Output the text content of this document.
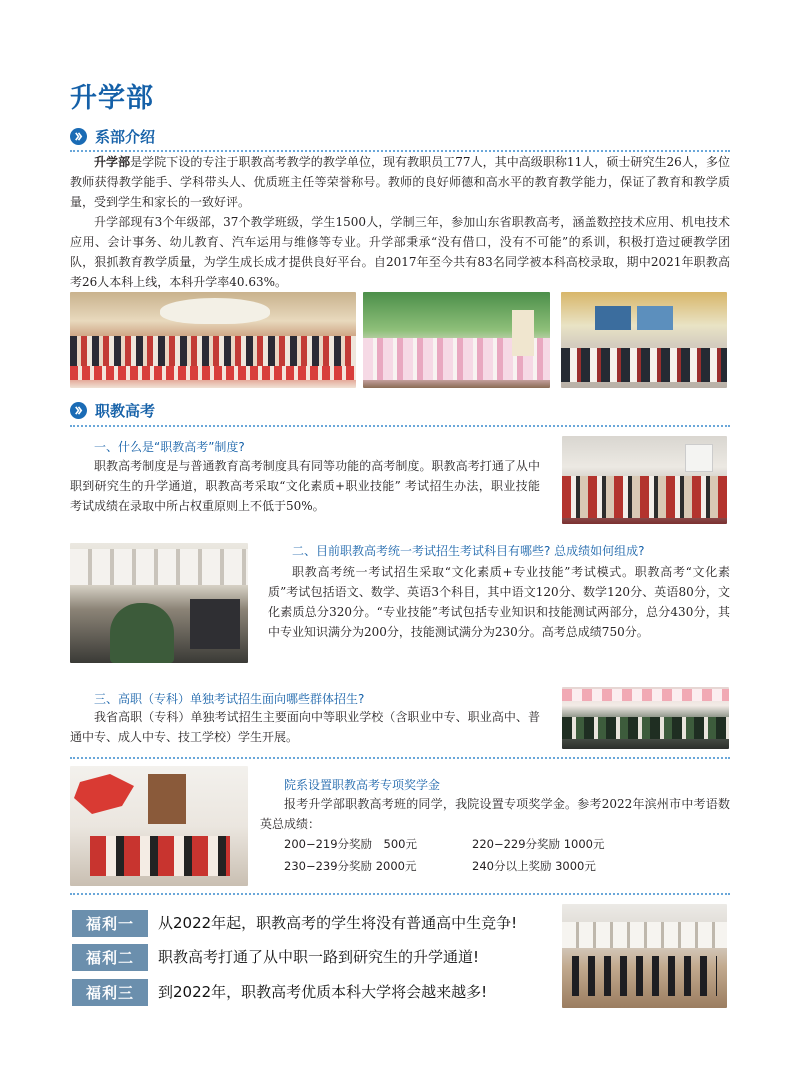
升学部
系部介绍

升学部是学院下设的专注于职教高考教学的教学单位，现有教职员工77人，其中高级职称11人，硕士研究生26人，多位教师获得教学能手、学科带头人、优质班主任等荣誉称号。教师的良好师德和高水平的教育教学能力，保证了教育和教学质量，受到学生和家长的一致好评。

升学部现有3个年级部，37个教学班级，学生1500人，学制三年，参加山东省职教高考，涵盖数控技术应用、机电技术应用、会计事务、幼儿教育、汽车运用与维修等专业。升学部秉承“没有借口，没有不可能”的系训，积极打造过硬教学团队，狠抓教育教学质量，为学生成长成才提供良好平台。自2017年至今共有83名同学被本科高校录取，期中2021年职教高考26人本科上线，本科升学率40.63%。

职教高考
一、什么是“职教高考”制度?

职教高考制度是与普通教育高考制度具有同等功能的高考制度。职教高考打通了从中职到研究生的升学通道，职教高考采取“文化素质+职业技能” 考试招生办法，职业技能考试成绩在录取中所占权重原则上不低于50%。

二、目前职教高考统一考试招生考试科目有哪些? 总成绩如何组成?

职教高考统一考试招生采取“文化素质+专业技能”考试模式。职教高考“文化素质”考试包括语文、数学、英语3个科目，其中语文120分、数学120分、英语80分，文化素质总分320分。“专业技能”考试包括专业知识和技能测试两部分，总分430分，其中专业知识满分为200分，技能测试满分为230分。高考总成绩750分。

三、高职（专科）单独考试招生面向哪些群体招生?

我省高职（专科）单独考试招生主要面向中等职业学校（含职业中专、职业高中、普通中专、成人中专、技工学校）学生开展。

院系设置职教高考专项奖学金

报考升学部职教高考班的同学，我院设置专项奖学金。参考2022年滨州市中考语数英总成绩：

200−219分奖励　500元	220−229分奖励 1000元
230−239分奖励 2000元	240分以上奖励 3000元
福利一	从2022年起，职教高考的学生将没有普通高中生竞争!
福利二	职教高考打通了从中职一路到研究生的升学通道!
福利三	到2022年，职教高考优质本科大学将会越来越多!
